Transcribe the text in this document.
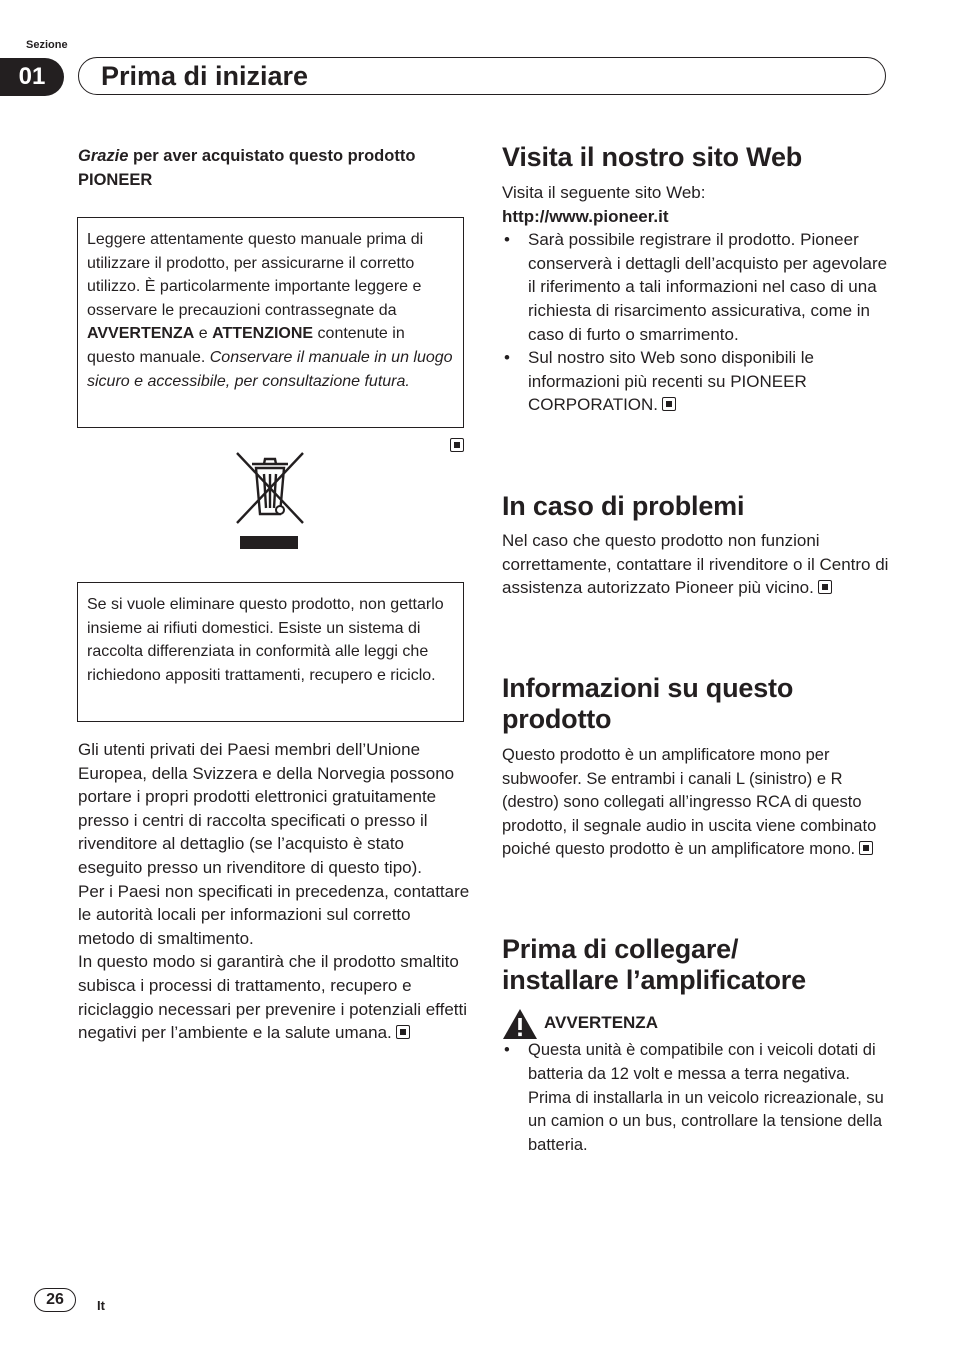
Sezione
01	Prima di iniziare
Grazie per aver acquistato questo prodotto PIONEER
Leggere attentamente questo manuale prima di utilizzare il prodotto, per assicurarne il corretto utilizzo. È particolarmente importante leggere e osservare le precauzioni contrassegnate da AVVERTENZA e ATTENZIONE contenute in questo manuale. Conservare il manuale in un luogo sicuro e accessibile, per consultazione futura.
Se si vuole eliminare questo prodotto, non gettarlo insieme ai rifiuti domestici. Esiste un sistema di raccolta differenziata in conformità alle leggi che richiedono appositi trattamenti, recupero e riciclo.
Gli utenti privati dei Paesi membri dell’Unione Europea, della Svizzera e della Norvegia possono portare i propri prodotti elettronici gratuitamente presso i centri di raccolta specificati o presso il rivenditore al dettaglio (se l’acquisto è stato eseguito presso un rivenditore di questo tipo).
Per i Paesi non specificati in precedenza, contattare le autorità locali per informazioni sul corretto metodo di smaltimento.
In questo modo si garantirà che il prodotto smaltito subisca i processi di trattamento, recupero e riciclaggio necessari per prevenire i potenziali effetti negativi per l’ambiente e la salute umana.
Visita il nostro sito Web
Visita il seguente sito Web:
http://www.pioneer.it
• Sarà possibile registrare il prodotto. Pioneer conserverà i dettagli dell’acquisto per agevolare il riferimento a tali informazioni nel caso di una richiesta di risarcimento assicurativa, come in caso di furto o smarrimento.
• Sul nostro sito Web sono disponibili le informazioni più recenti su PIONEER CORPORATION.
In caso di problemi
Nel caso che questo prodotto non funzioni correttamente, contattare il rivenditore o il Centro di assistenza autorizzato Pioneer più vicino.
Informazioni su questo prodotto
Questo prodotto è un amplificatore mono per subwoofer. Se entrambi i canali L (sinistro) e R (destro) sono collegati all’ingresso RCA di questo prodotto, il segnale audio in uscita viene combinato poiché questo prodotto è un amplificatore mono.
Prima di collegare/ installare l’amplificatore
AVVERTENZA
• Questa unità è compatibile con i veicoli dotati di batteria da 12 volt e messa a terra negativa. Prima di installarla in un veicolo ricreazionale, su un camion o un bus, controllare la tensione della batteria.
26	It
